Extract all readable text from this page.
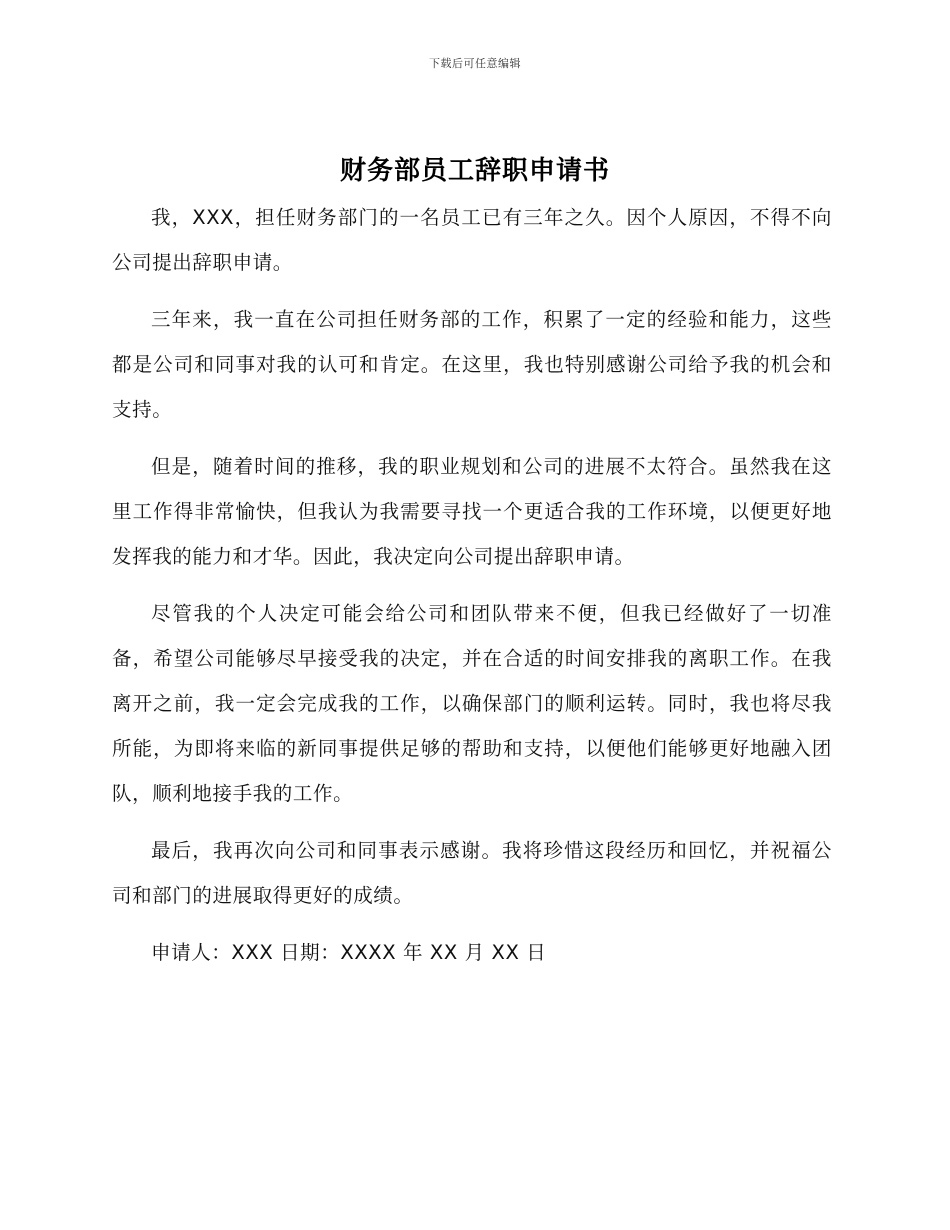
下载后可任意编辑
财务部员工辞职申请书

我，XXX，担任财务部门的一名员工已有三年之久。因个人原因，不得不向公司提出辞职申请。

三年来，我一直在公司担任财务部的工作，积累了一定的经验和能力，这些都是公司和同事对我的认可和肯定。在这里，我也特别感谢公司给予我的机会和支持。

但是，随着时间的推移，我的职业规划和公司的进展不太符合。虽然我在这里工作得非常愉快，但我认为我需要寻找一个更适合我的工作环境，以便更好地发挥我的能力和才华。因此，我决定向公司提出辞职申请。

尽管我的个人决定可能会给公司和团队带来不便，但我已经做好了一切准备，希望公司能够尽早接受我的决定，并在合适的时间安排我的离职工作。在我离开之前，我一定会完成我的工作，以确保部门的顺利运转。同时，我也将尽我所能，为即将来临的新同事提供足够的帮助和支持，以便他们能够更好地融入团队，顺利地接手我的工作。

最后，我再次向公司和同事表示感谢。我将珍惜这段经历和回忆，并祝福公司和部门的进展取得更好的成绩。

申请人：XXX 日期：XXXX 年 XX 月 XX 日
